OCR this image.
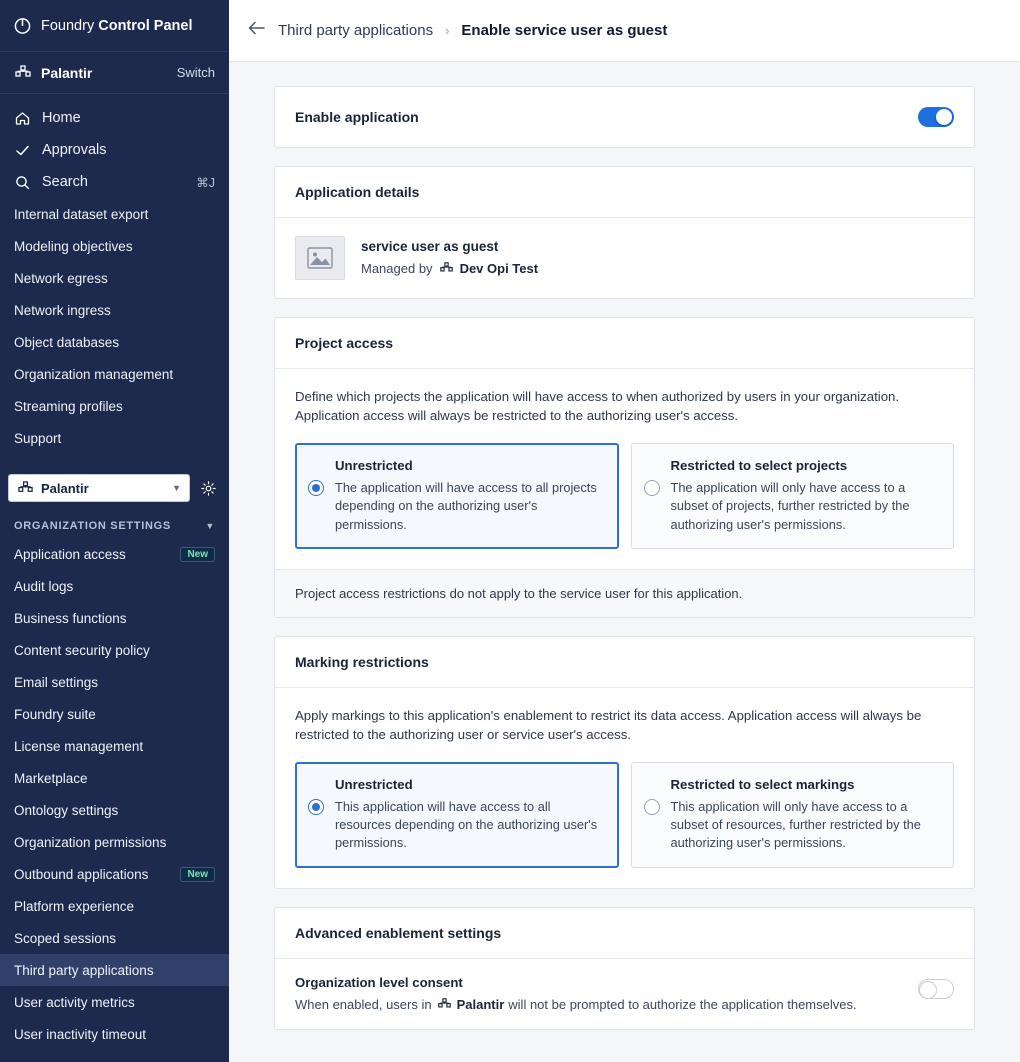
Foundry Control Panel
Palantir	Switch
Home
Approvals
Search	⌘J
Internal dataset export
Modeling objectives
Network egress
Network ingress
Object databases
Organization management
Streaming profiles
Support
Palantir	▼
ORGANIZATION SETTINGS	▼
Application access	New
Audit logs
Business functions
Content security policy
Email settings
Foundry suite
License management
Marketplace
Ontology settings
Organization permissions
Outbound applications	New
Platform experience
Scoped sessions
Third party applications
User activity metrics
User inactivity timeout
Third party applications › Enable service user as guest
Enable application
Application details
service user as guest
Managed by Dev Opi Test
Project access
Define which projects the application will have access to when authorized by users in your organization. Application access will always be restricted to the authorizing user's access.
Unrestricted
The application will have access to all projects depending on the authorizing user's permissions.
Restricted to select projects
The application will only have access to a subset of projects, further restricted by the authorizing user's permissions.
Project access restrictions do not apply to the service user for this application.
Marking restrictions
Apply markings to this application's enablement to restrict its data access. Application access will always be restricted to the authorizing user or service user's access.
Unrestricted
This application will have access to all resources depending on the authorizing user's permissions.
Restricted to select markings
This application will only have access to a subset of resources, further restricted by the authorizing user's permissions.
Advanced enablement settings
Organization level consent
When enabled, users in Palantir will not be prompted to authorize the application themselves.
